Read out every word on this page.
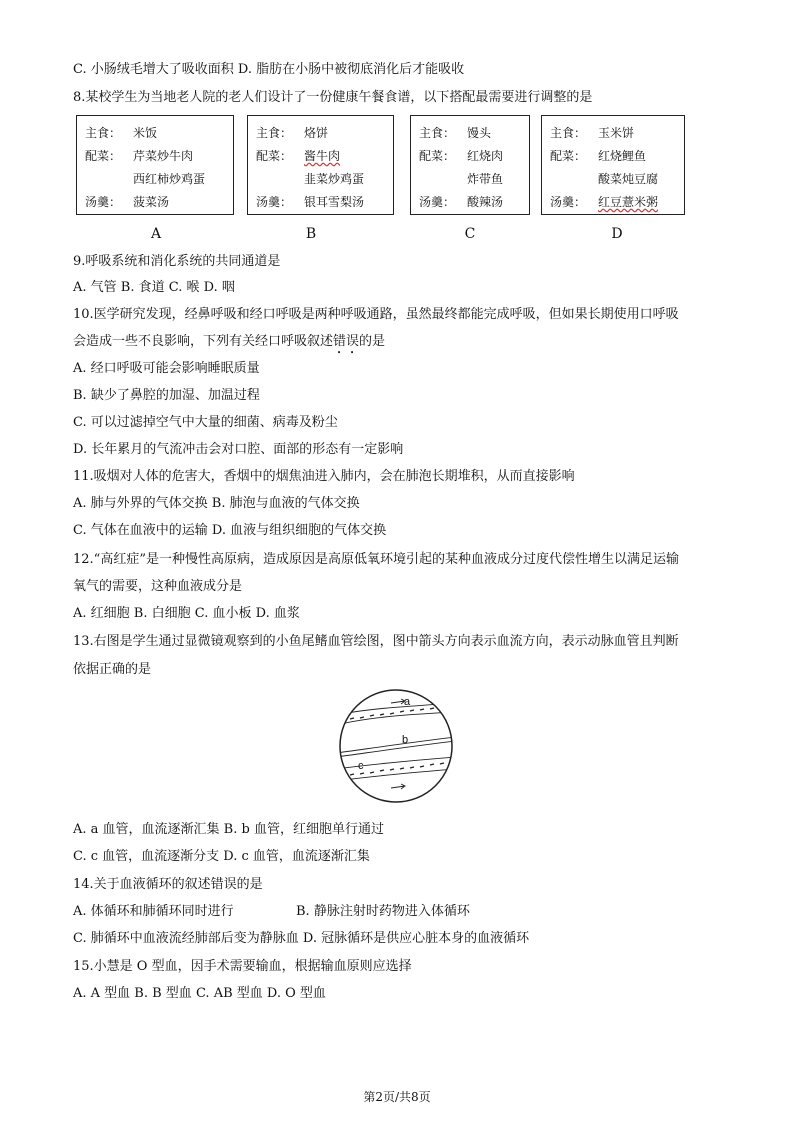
C. 小肠绒毛增大了吸收面积 D. 脂肪在小肠中被彻底消化后才能吸收
8.某校学生为当地老人院的老人们设计了一份健康午餐食谱，以下搭配最需要进行调整的是
主食： 米饭
配菜： 芹菜炒牛肉
西红柿炒鸡蛋
汤羹： 菠菜汤
主食： 烙饼
配菜： 酱牛肉
韭菜炒鸡蛋
汤羹： 银耳雪梨汤
主食： 馒头
配菜： 红烧肉
炸带鱼
汤羹： 酸辣汤
主食： 玉米饼
配菜： 红烧鲤鱼
酸菜炖豆腐
汤羹： 红豆薏米粥
A	B	C	D
9.呼吸系统和消化系统的共同通道是
A. 气管 B. 食道 C. 喉 D. 咽
10.医学研究发现，经鼻呼吸和经口呼吸是两种呼吸通路，虽然最终都能完成呼吸，但如果长期使用口呼吸
会造成一些不良影响，下列有关经口呼吸叙述错误的是
A. 经口呼吸可能会影响睡眠质量
B. 缺少了鼻腔的加湿、加温过程
C. 可以过滤掉空气中大量的细菌、病毒及粉尘
D. 长年累月的气流冲击会对口腔、面部的形态有一定影响
11.吸烟对人体的危害大，香烟中的烟焦油进入肺内，会在肺泡长期堆积，从而直接影响
A. 肺与外界的气体交换 B. 肺泡与血液的气体交换
C. 气体在血液中的运输 D. 血液与组织细胞的气体交换
12.“高红症”是一种慢性高原病，造成原因是高原低氧环境引起的某种血液成分过度代偿性增生以满足运输
氧气的需要，这种血液成分是
A. 红细胞 B. 白细胞 C. 血小板 D. 血浆
13.右图是学生通过显微镜观察到的小鱼尾鳍血管绘图，图中箭头方向表示血流方向，表示动脉血管且判断
依据正确的是
a
b
c
A. a 血管，血流逐渐汇集 B. b 血管，红细胞单行通过
C. c 血管，血流逐渐分支 D. c 血管，血流逐渐汇集
14.关于血液循环的叙述错误的是
A. 体循环和肺循环同时进行	B. 静脉注射时药物进入体循环
C. 肺循环中血液流经肺部后变为静脉血 D. 冠脉循环是供应心脏本身的血液循环
15.小慧是 O 型血，因手术需要输血，根据输血原则应选择
A. A 型血 B. B 型血 C. AB 型血 D. O 型血
第2页/共8页
